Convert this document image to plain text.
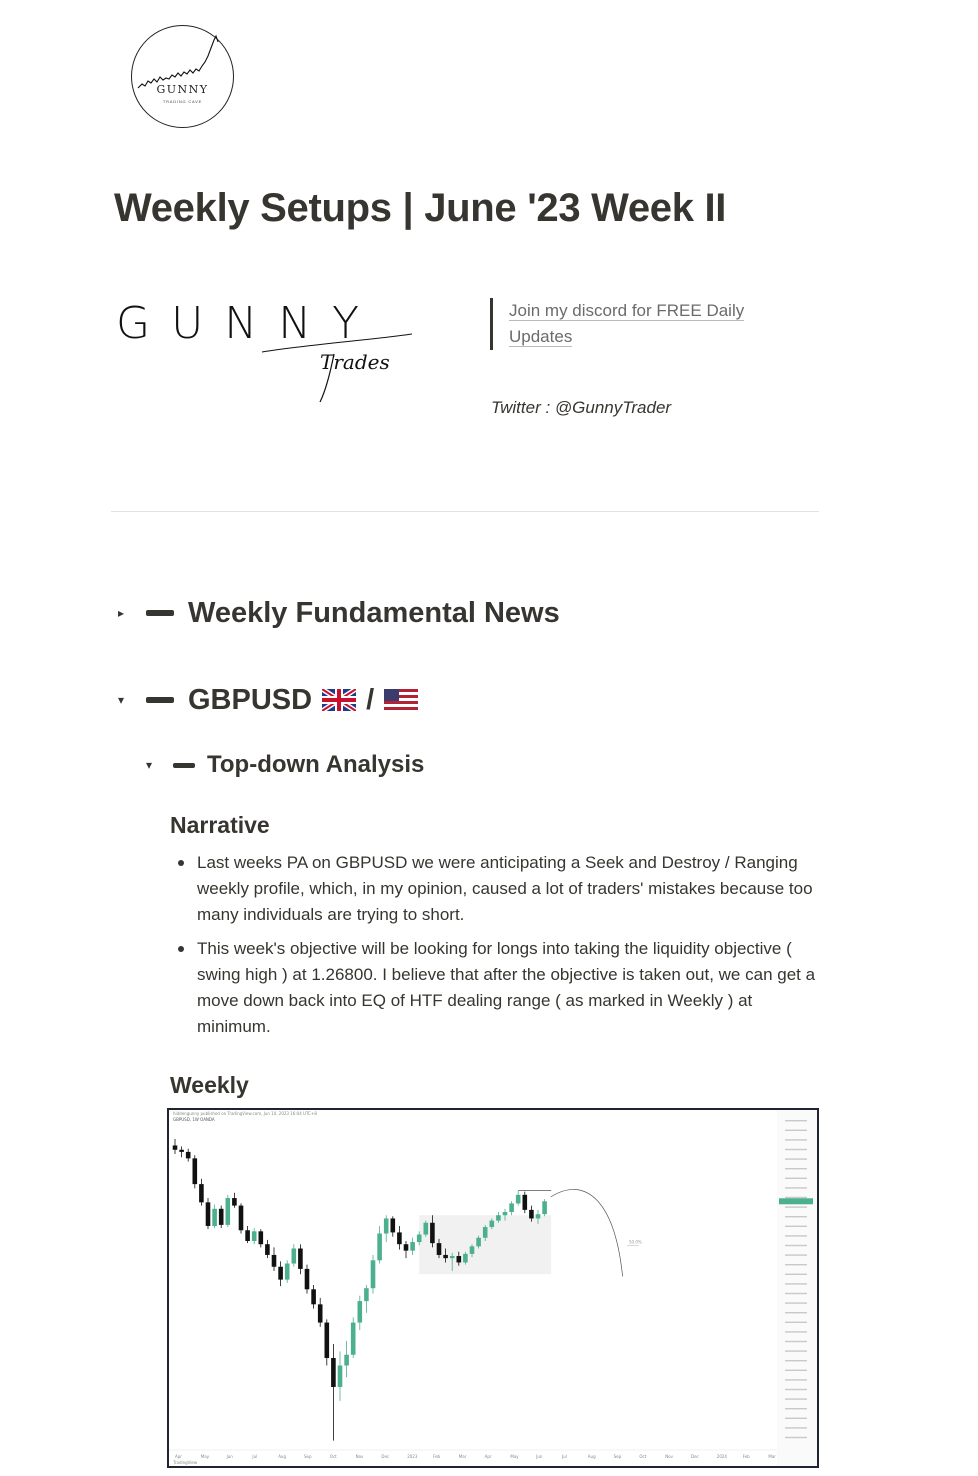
GUNNY
TRADING CAVE
Weekly Setups | June '23 Week II
GUNNY
Trades
Join my discord for FREE Daily Updates
Twitter : @GunnyTrader
▸	Weekly Fundamental News
▾	GBPUSD /
▾	Top-down Analysis
Narrative
Last weeks PA on GBPUSD we were anticipating a Seek and Destroy / Ranging weekly profile, which, in my opinion, caused a lot of traders' mistakes because too many individuals are trying to short.
This week's objective will be looking for longs into taking the liquidity objective ( swing high ) at 1.26800. I believe that after the objective is taken out, we can get a move down back into EQ of HTF dealing range ( as marked in Weekly ) at minimum.
Weekly
hiddengunny published on TradingView.com, Jun 10, 2023 16:04 UTC+8
GBPUSD, 1W OANDA
Apr	May	Jun	Jul	Aug	Sep	Oct	Nov	Dec	2023	Feb	Mar	Apr	May	Jun	Jul	Aug	Sep	Oct	Nov	Dec	2024	Feb	Mar
50.0%
TradingView
